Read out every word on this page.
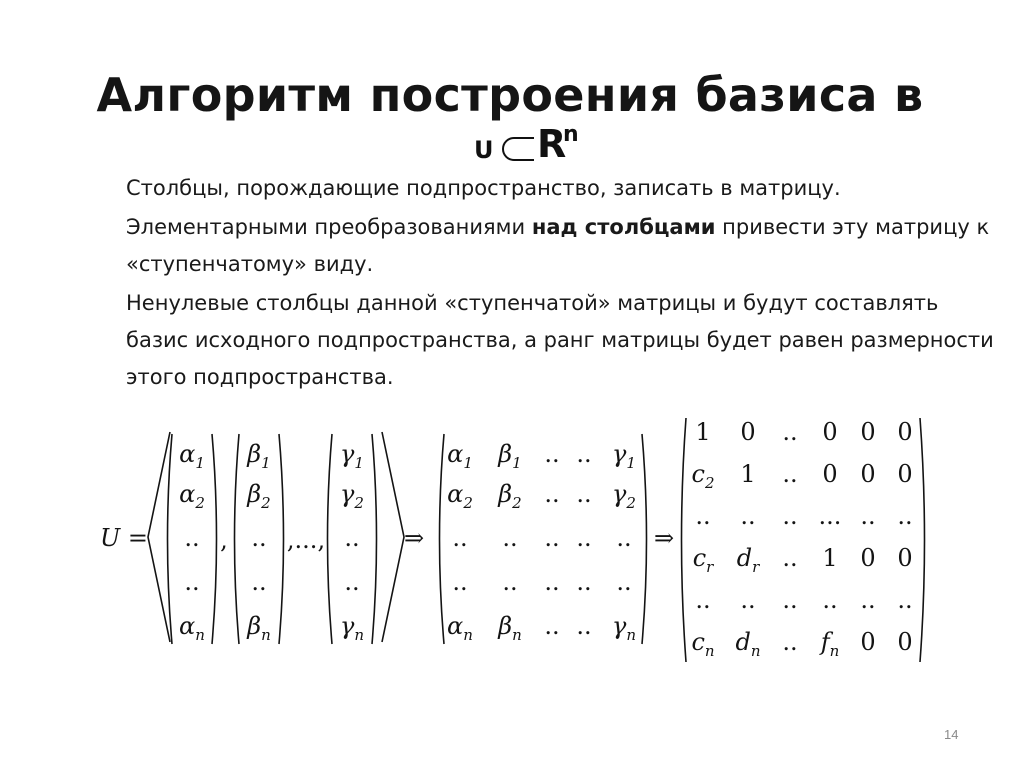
Алгоритм построения базиса в
U R
n

Столбцы, порождающие подпространство, записать в матрицу.

Элементарными преобразованиями над столбцами привести эту матрицу к «ступенчатому» виду.

Ненулевые столбцы данной «ступенчатой» матрицы и будут составлять базис исходного подпространства, а ранг матрицы будет равен размерности этого подпространства.

U =
$\alpha_1$
$\alpha_2$
..
..
$\alpha_n$
$\beta_1$
$\beta_2$
..
..
$\beta_n$
$\gamma_1$
$\gamma_2$
..
..
$\gamma_n$
, ,...,	⇒
$\alpha_1$ $\beta_1$ .. .. $\gamma_1$
$\alpha_2$ $\beta_2$ .. .. $\gamma_2$
.. .. .. .. ..
.. .. .. .. ..
$\alpha_n$ $\beta_n$ .. .. $\gamma_n$
⇒
1 0 .. 0 0 0
$c_2$ 1 .. 0 0 0
.. .. .. ... .. ..
$c_r$ $d_r$ .. 1 0 0
.. .. .. .. .. ..
$c_n$ $d_n$ .. $f_n$ 0 0
14
